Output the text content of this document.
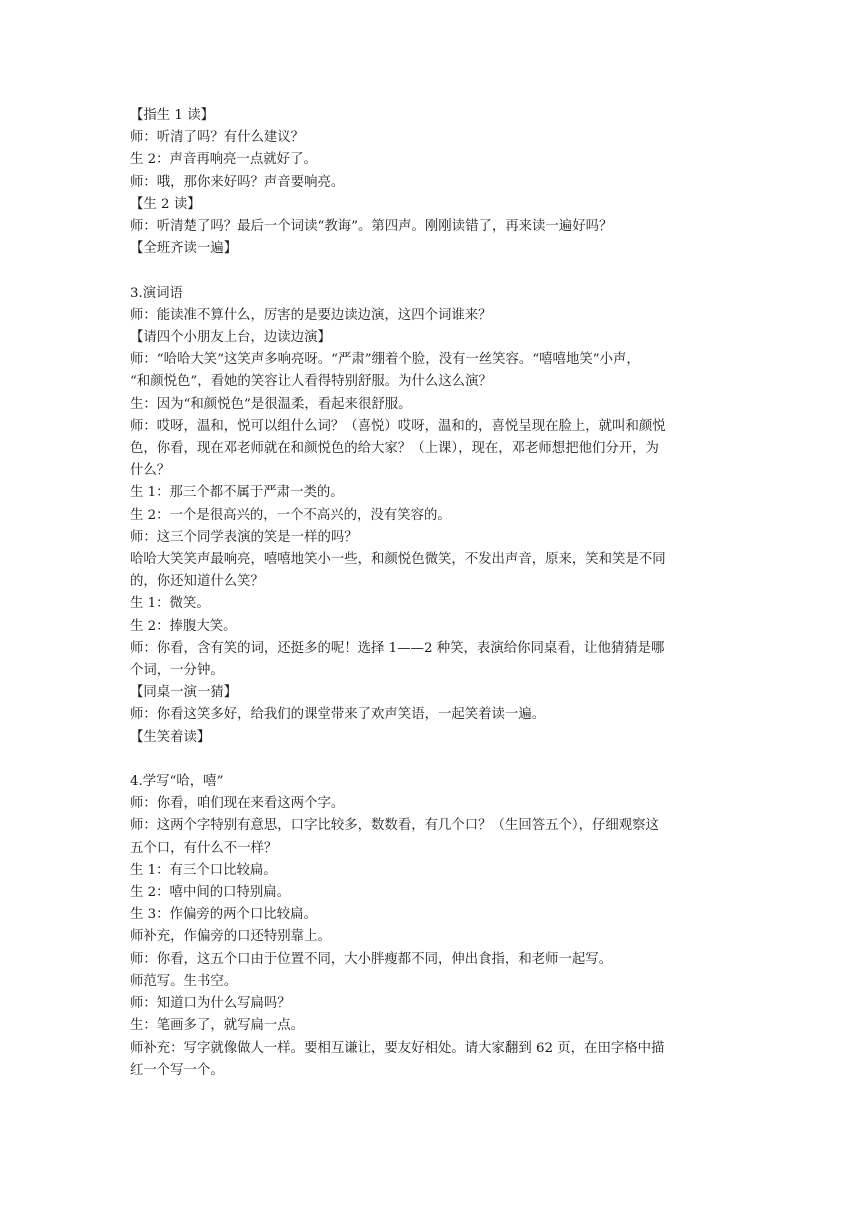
【指生 1 读】
师：听清了吗？有什么建议？
生 2：声音再响亮一点就好了。
师：哦，那你来好吗？声音要响亮。
【生 2 读】
师：听清楚了吗？最后一个词读“教诲”。第四声。刚刚读错了，再来读一遍好吗？
【全班齐读一遍】
3.演词语
师：能读准不算什么，厉害的是要边读边演，这四个词谁来？
【请四个小朋友上台，边读边演】
师：“哈哈大笑”这笑声多响亮呀。“严肃”绷着个脸，没有一丝笑容。“嘻嘻地笑”小声，
“和颜悦色”，看她的笑容让人看得特别舒服。为什么这么演？
生：因为“和颜悦色”是很温柔，看起来很舒服。
师：哎呀，温和，悦可以组什么词？（喜悦）哎呀，温和的，喜悦呈现在脸上，就叫和颜悦
色，你看，现在邓老师就在和颜悦色的给大家？（上课），现在，邓老师想把他们分开，为
什么？
生 1：那三个都不属于严肃一类的。
生 2：一个是很高兴的，一个不高兴的，没有笑容的。
师：这三个同学表演的笑是一样的吗？
哈哈大笑笑声最响亮，嘻嘻地笑小一些，和颜悦色微笑，不发出声音，原来，笑和笑是不同
的，你还知道什么笑？
生 1：微笑。
生 2：捧腹大笑。
师：你看，含有笑的词，还挺多的呢！选择 1——2 种笑，表演给你同桌看，让他猜猜是哪
个词，一分钟。
【同桌一演一猜】
师：你看这笑多好，给我们的课堂带来了欢声笑语，一起笑着读一遍。
【生笑着读】
4.学写“哈，嘻”
师：你看，咱们现在来看这两个字。
师：这两个字特别有意思，口字比较多，数数看，有几个口？（生回答五个），仔细观察这
五个口，有什么不一样？
生 1：有三个口比较扁。
生 2：嘻中间的口特别扁。
生 3：作偏旁的两个口比较扁。
师补充，作偏旁的口还特别靠上。
师：你看，这五个口由于位置不同，大小胖瘦都不同，伸出食指，和老师一起写。
师范写。生书空。
师：知道口为什么写扁吗？
生：笔画多了，就写扁一点。
师补充：写字就像做人一样。要相互谦让，要友好相处。请大家翻到 62 页，在田字格中描
红一个写一个。
